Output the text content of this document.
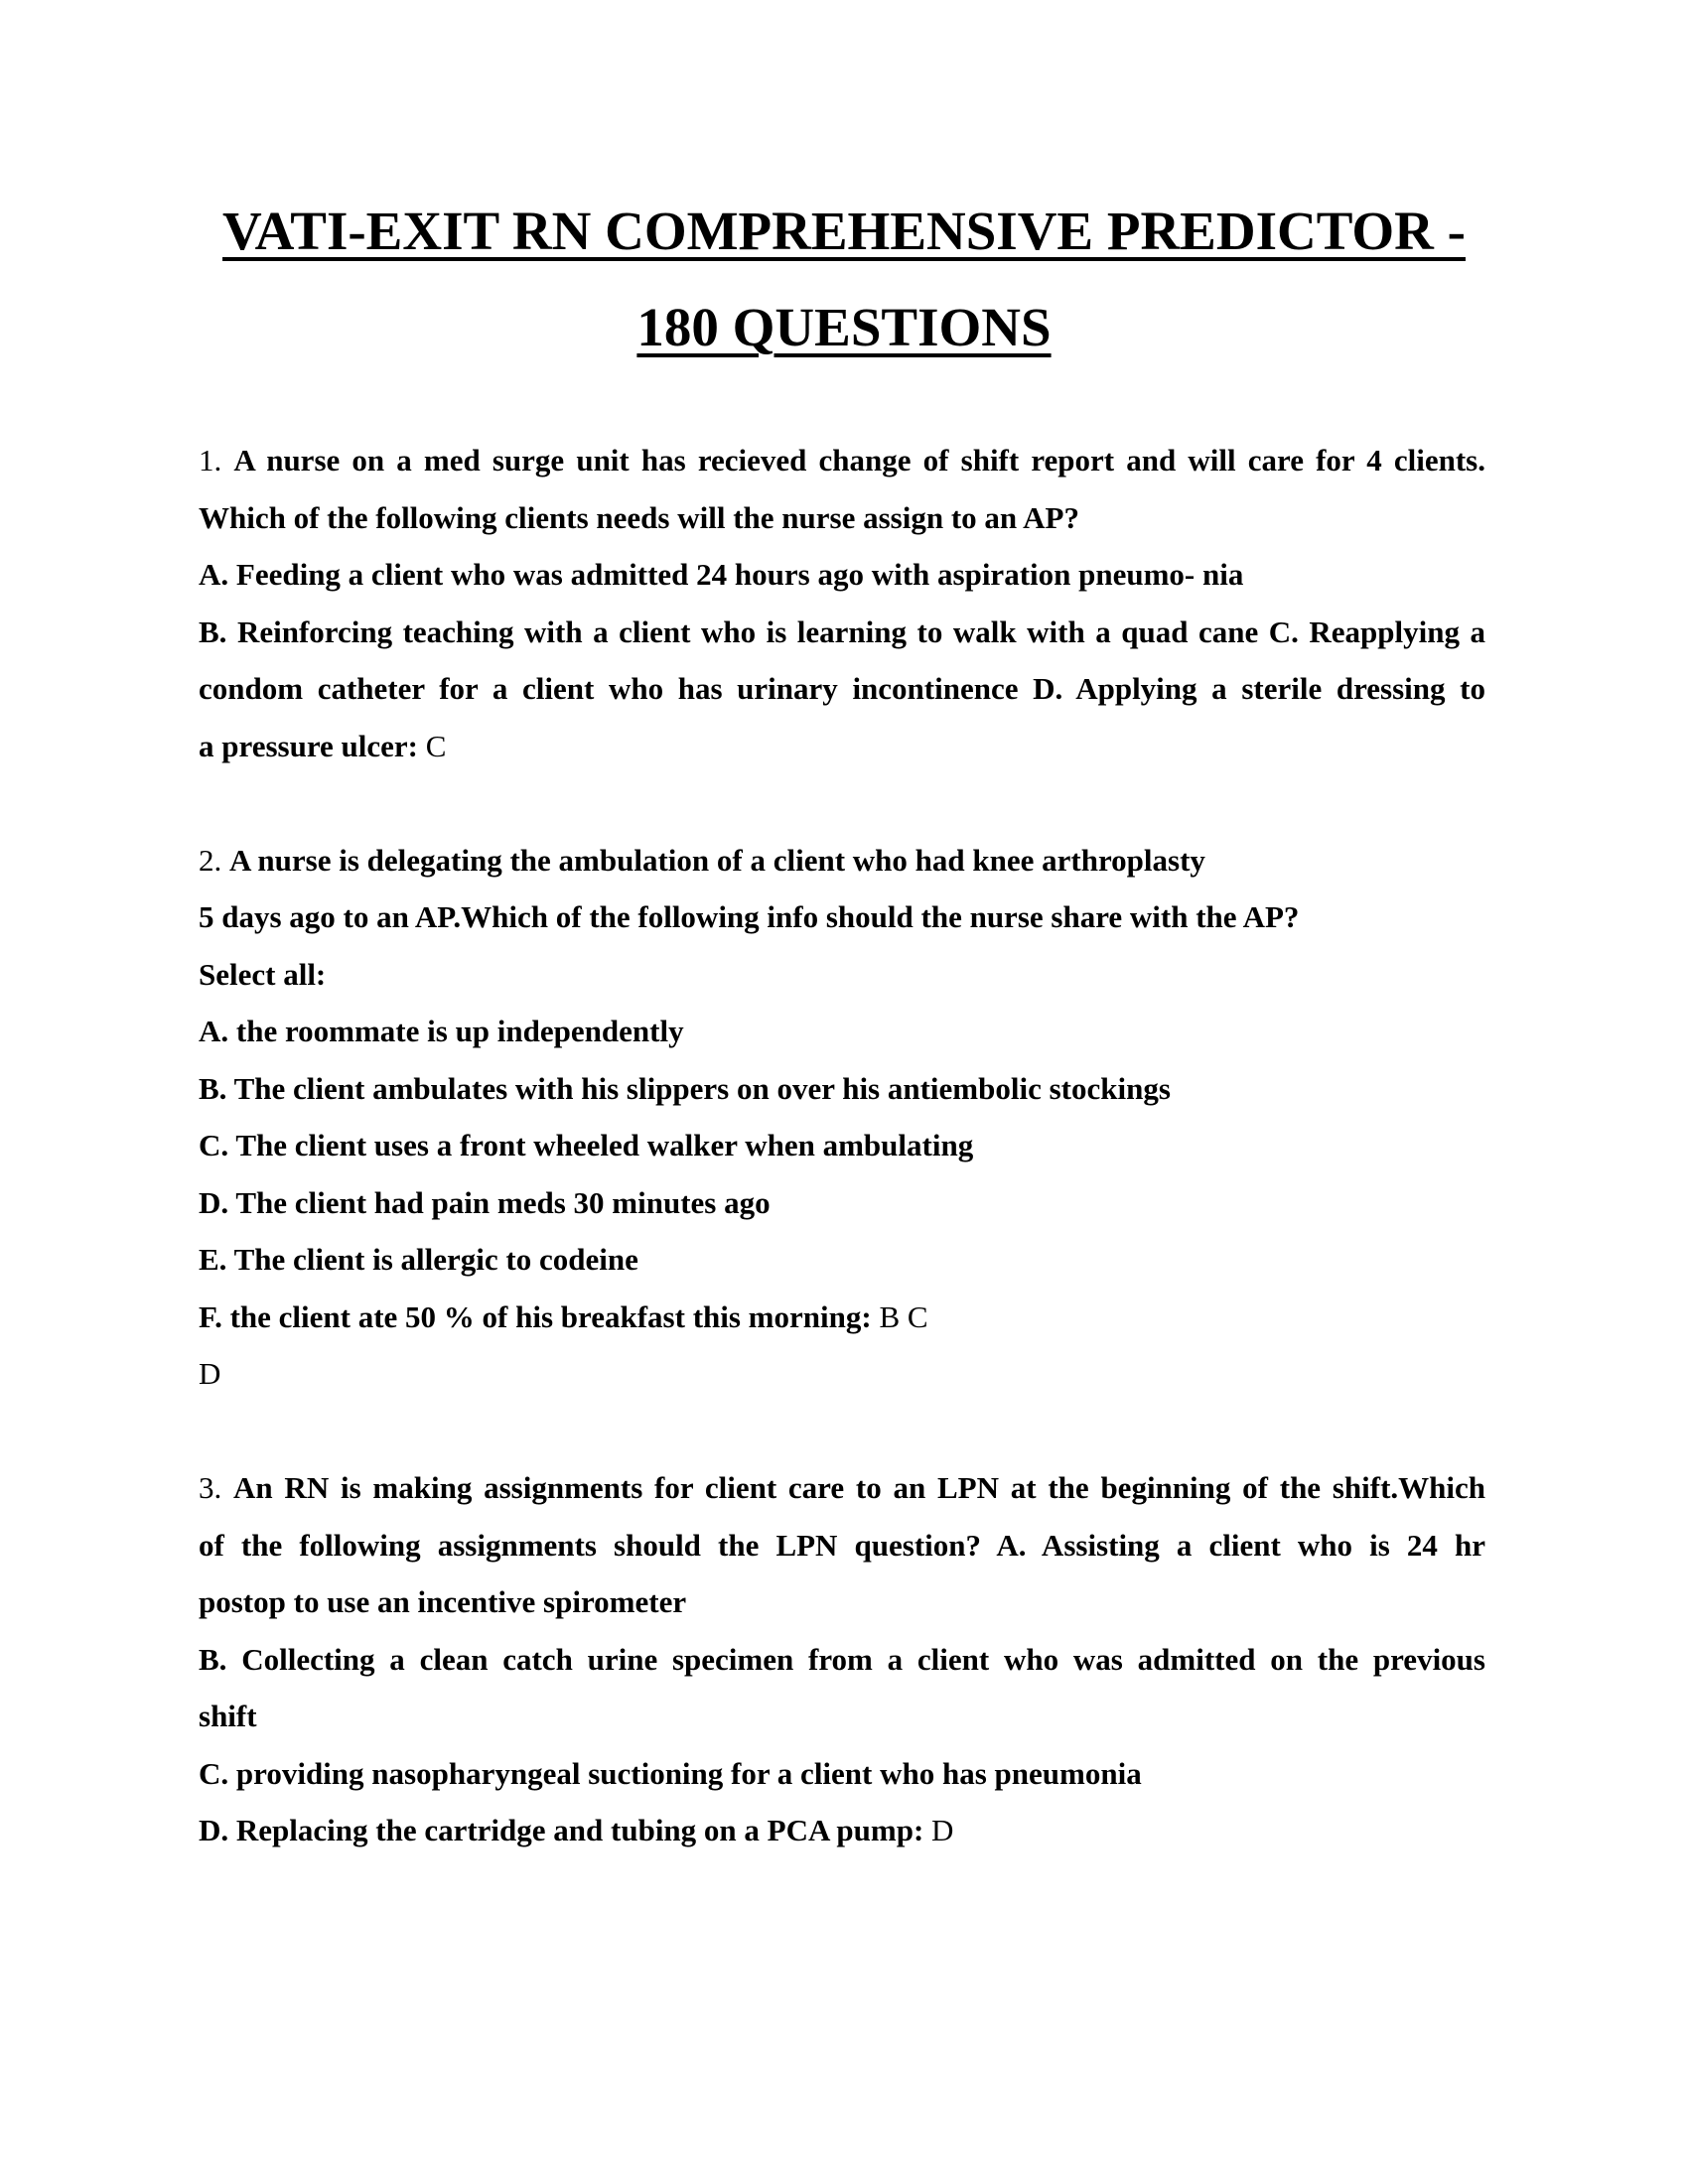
VATI-EXIT RN COMPREHENSIVE PREDICTOR -
180 QUESTIONS
1. A nurse on a med surge unit has recieved change of shift report and will care for 4 clients.
Which of the following clients needs will the nurse assign to an AP?
A. Feeding a client who was admitted 24 hours ago with aspiration pneumo- nia
B. Reinforcing teaching with a client who is learning to walk with a quad cane C. Reapplying a
condom catheter for a client who has urinary incontinence D. Applying a sterile dressing to
a pressure ulcer: C
2. A nurse is delegating the ambulation of a client who had knee arthroplasty
5 days ago to an AP.Which of the following info should the nurse share with the AP?
Select all:
A. the roommate is up independently
B. The client ambulates with his slippers on over his antiembolic stockings
C. The client uses a front wheeled walker when ambulating
D. The client had pain meds 30 minutes ago
E. The client is allergic to codeine
F. the client ate 50 % of his breakfast this morning: B C
D
3. An RN is making assignments for client care to an LPN at the beginning of the shift.Which
of the following assignments should the LPN question? A. Assisting a client who is 24 hr
postop to use an incentive spirometer
B. Collecting a clean catch urine specimen from a client who was admitted on the previous
shift
C. providing nasopharyngeal suctioning for a client who has pneumonia
D. Replacing the cartridge and tubing on a PCA pump: D
